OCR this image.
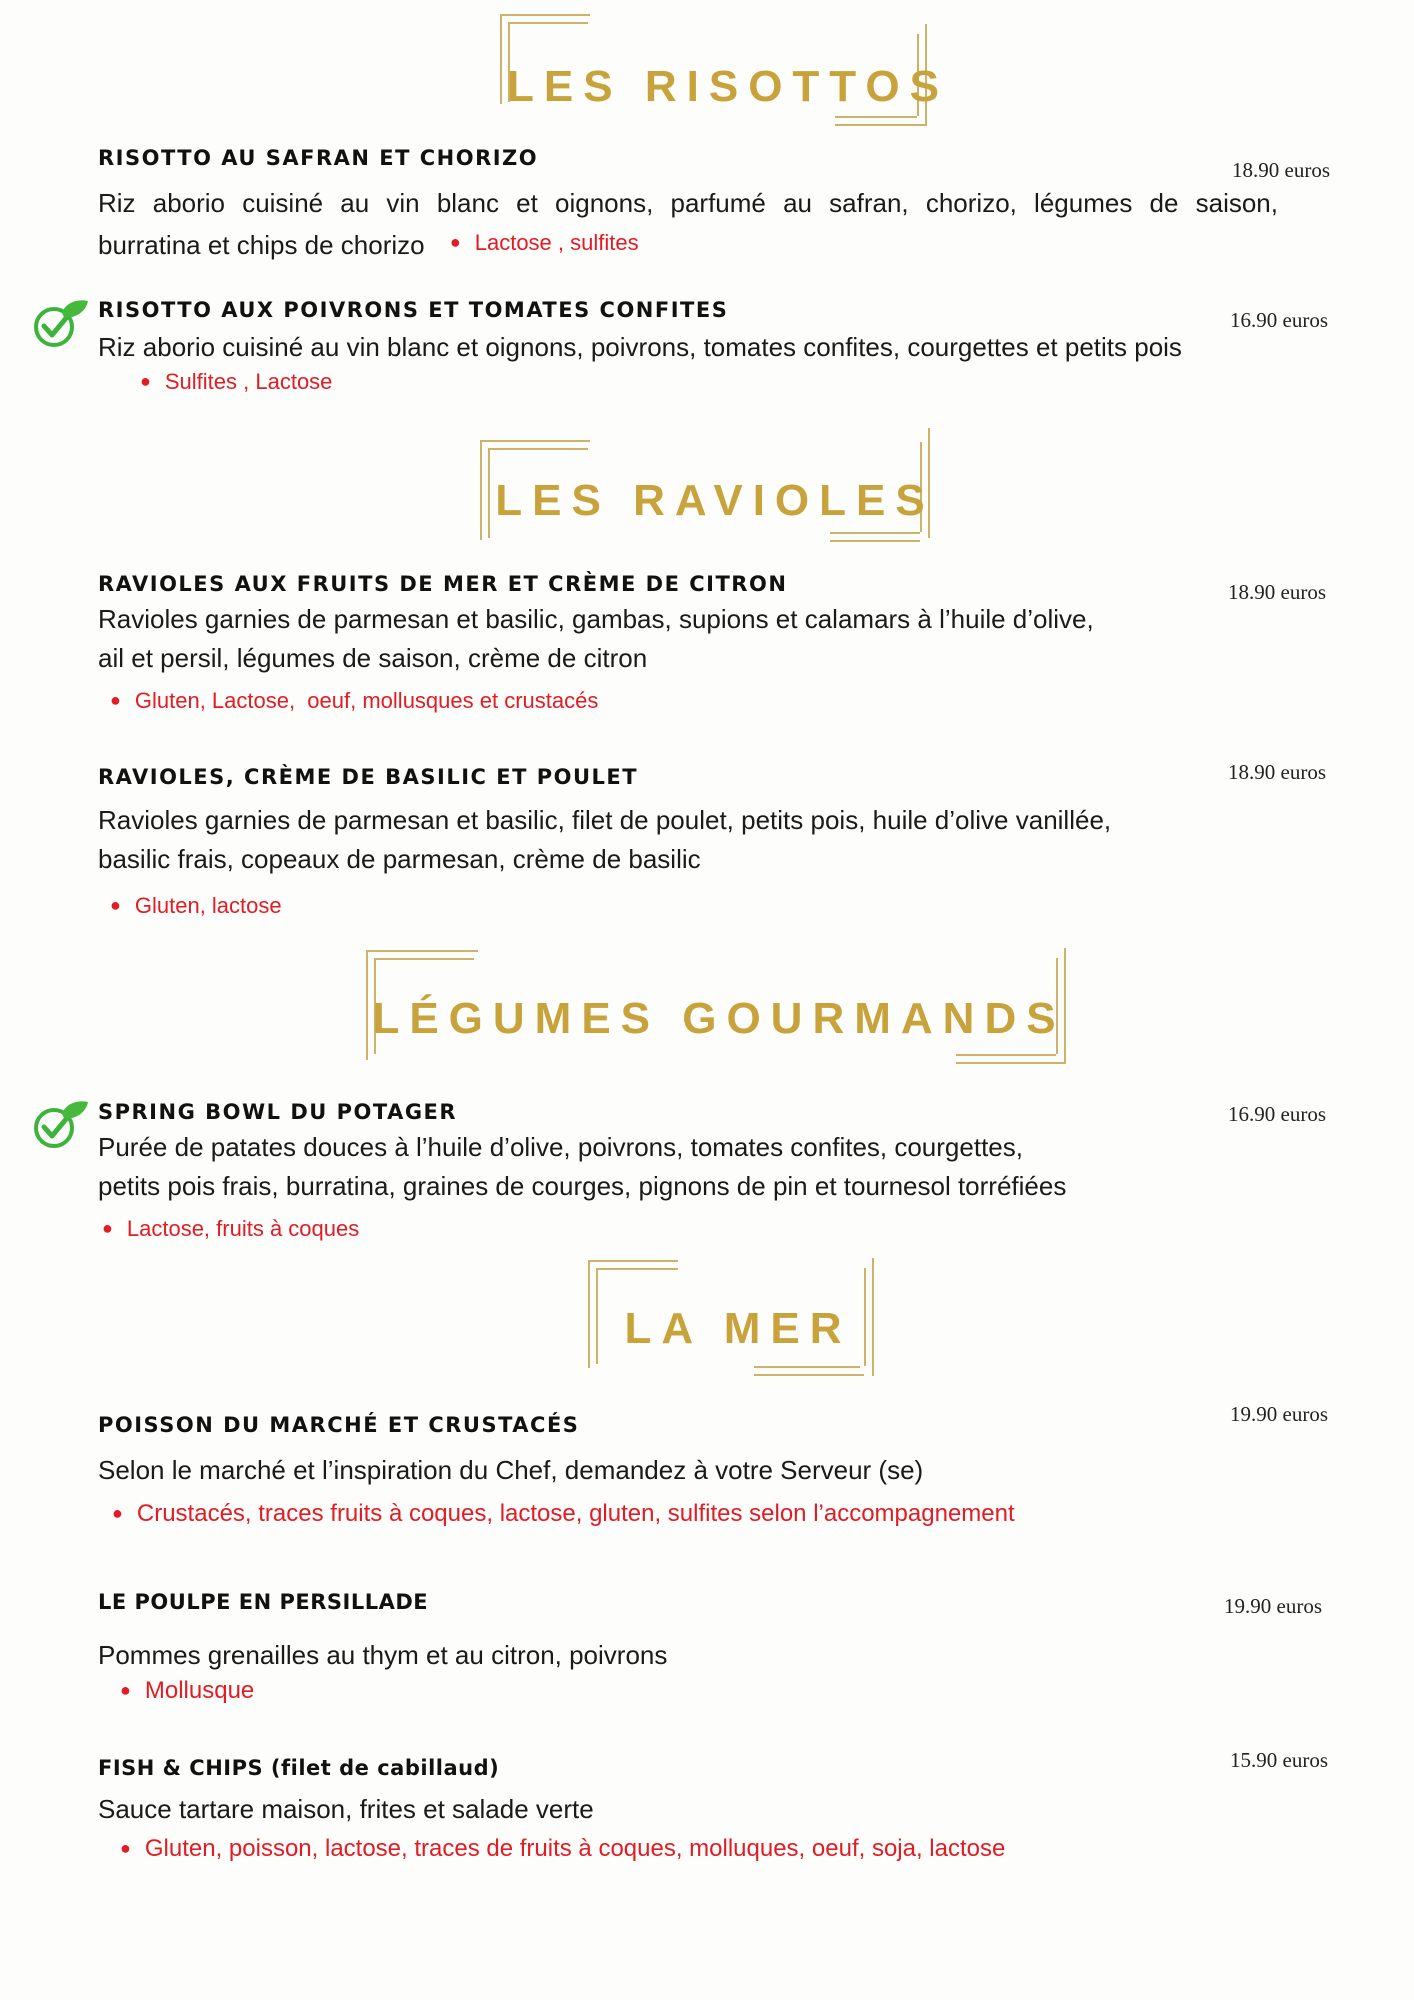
LES RISOTTOS
RISOTTO AU SAFRAN ET CHORIZO
Riz aborio cuisiné au vin blanc et oignons, parfumé au safran, chorizo, légumes de saison,
burratina et chips de chorizo ● Lactose , sulfites
18.90 euros
RISOTTO AUX POIVRONS ET TOMATES CONFITES
Riz aborio cuisiné au vin blanc et oignons, poivrons, tomates confites, courgettes et petits pois
● Sulfites , Lactose
16.90 euros
LES RAVIOLES
RAVIOLES AUX FRUITS DE MER ET CRÈME DE CITRON
Ravioles garnies de parmesan et basilic, gambas, supions et calamars à l’huile d’olive,
ail et persil, légumes de saison, crème de citron
● Gluten, Lactose,  oeuf, mollusques et crustacés
18.90 euros
RAVIOLES, CRÈME DE BASILIC ET POULET
Ravioles garnies de parmesan et basilic, filet de poulet, petits pois, huile d’olive vanillée,
basilic frais, copeaux de parmesan, crème de basilic
● Gluten, lactose
18.90 euros
LÉGUMES GOURMANDS
SPRING BOWL DU POTAGER
Purée de patates douces à l’huile d’olive, poivrons, tomates confites, courgettes,
petits pois frais, burratina, graines de courges, pignons de pin et tournesol torréfiées
● Lactose, fruits à coques
16.90 euros
LA MER
POISSON DU MARCHÉ ET CRUSTACÉS
Selon le marché et l’inspiration du Chef, demandez à votre Serveur (se)
● Crustacés, traces fruits à coques, lactose, gluten, sulfites selon l’accompagnement
19.90 euros
LE POULPE EN PERSILLADE
Pommes grenailles au thym et au citron, poivrons
● Mollusque
19.90 euros
FISH & CHIPS (filet de cabillaud)
Sauce tartare maison, frites et salade verte
● Gluten, poisson, lactose, traces de fruits à coques, molluques, oeuf, soja, lactose
15.90 euros
